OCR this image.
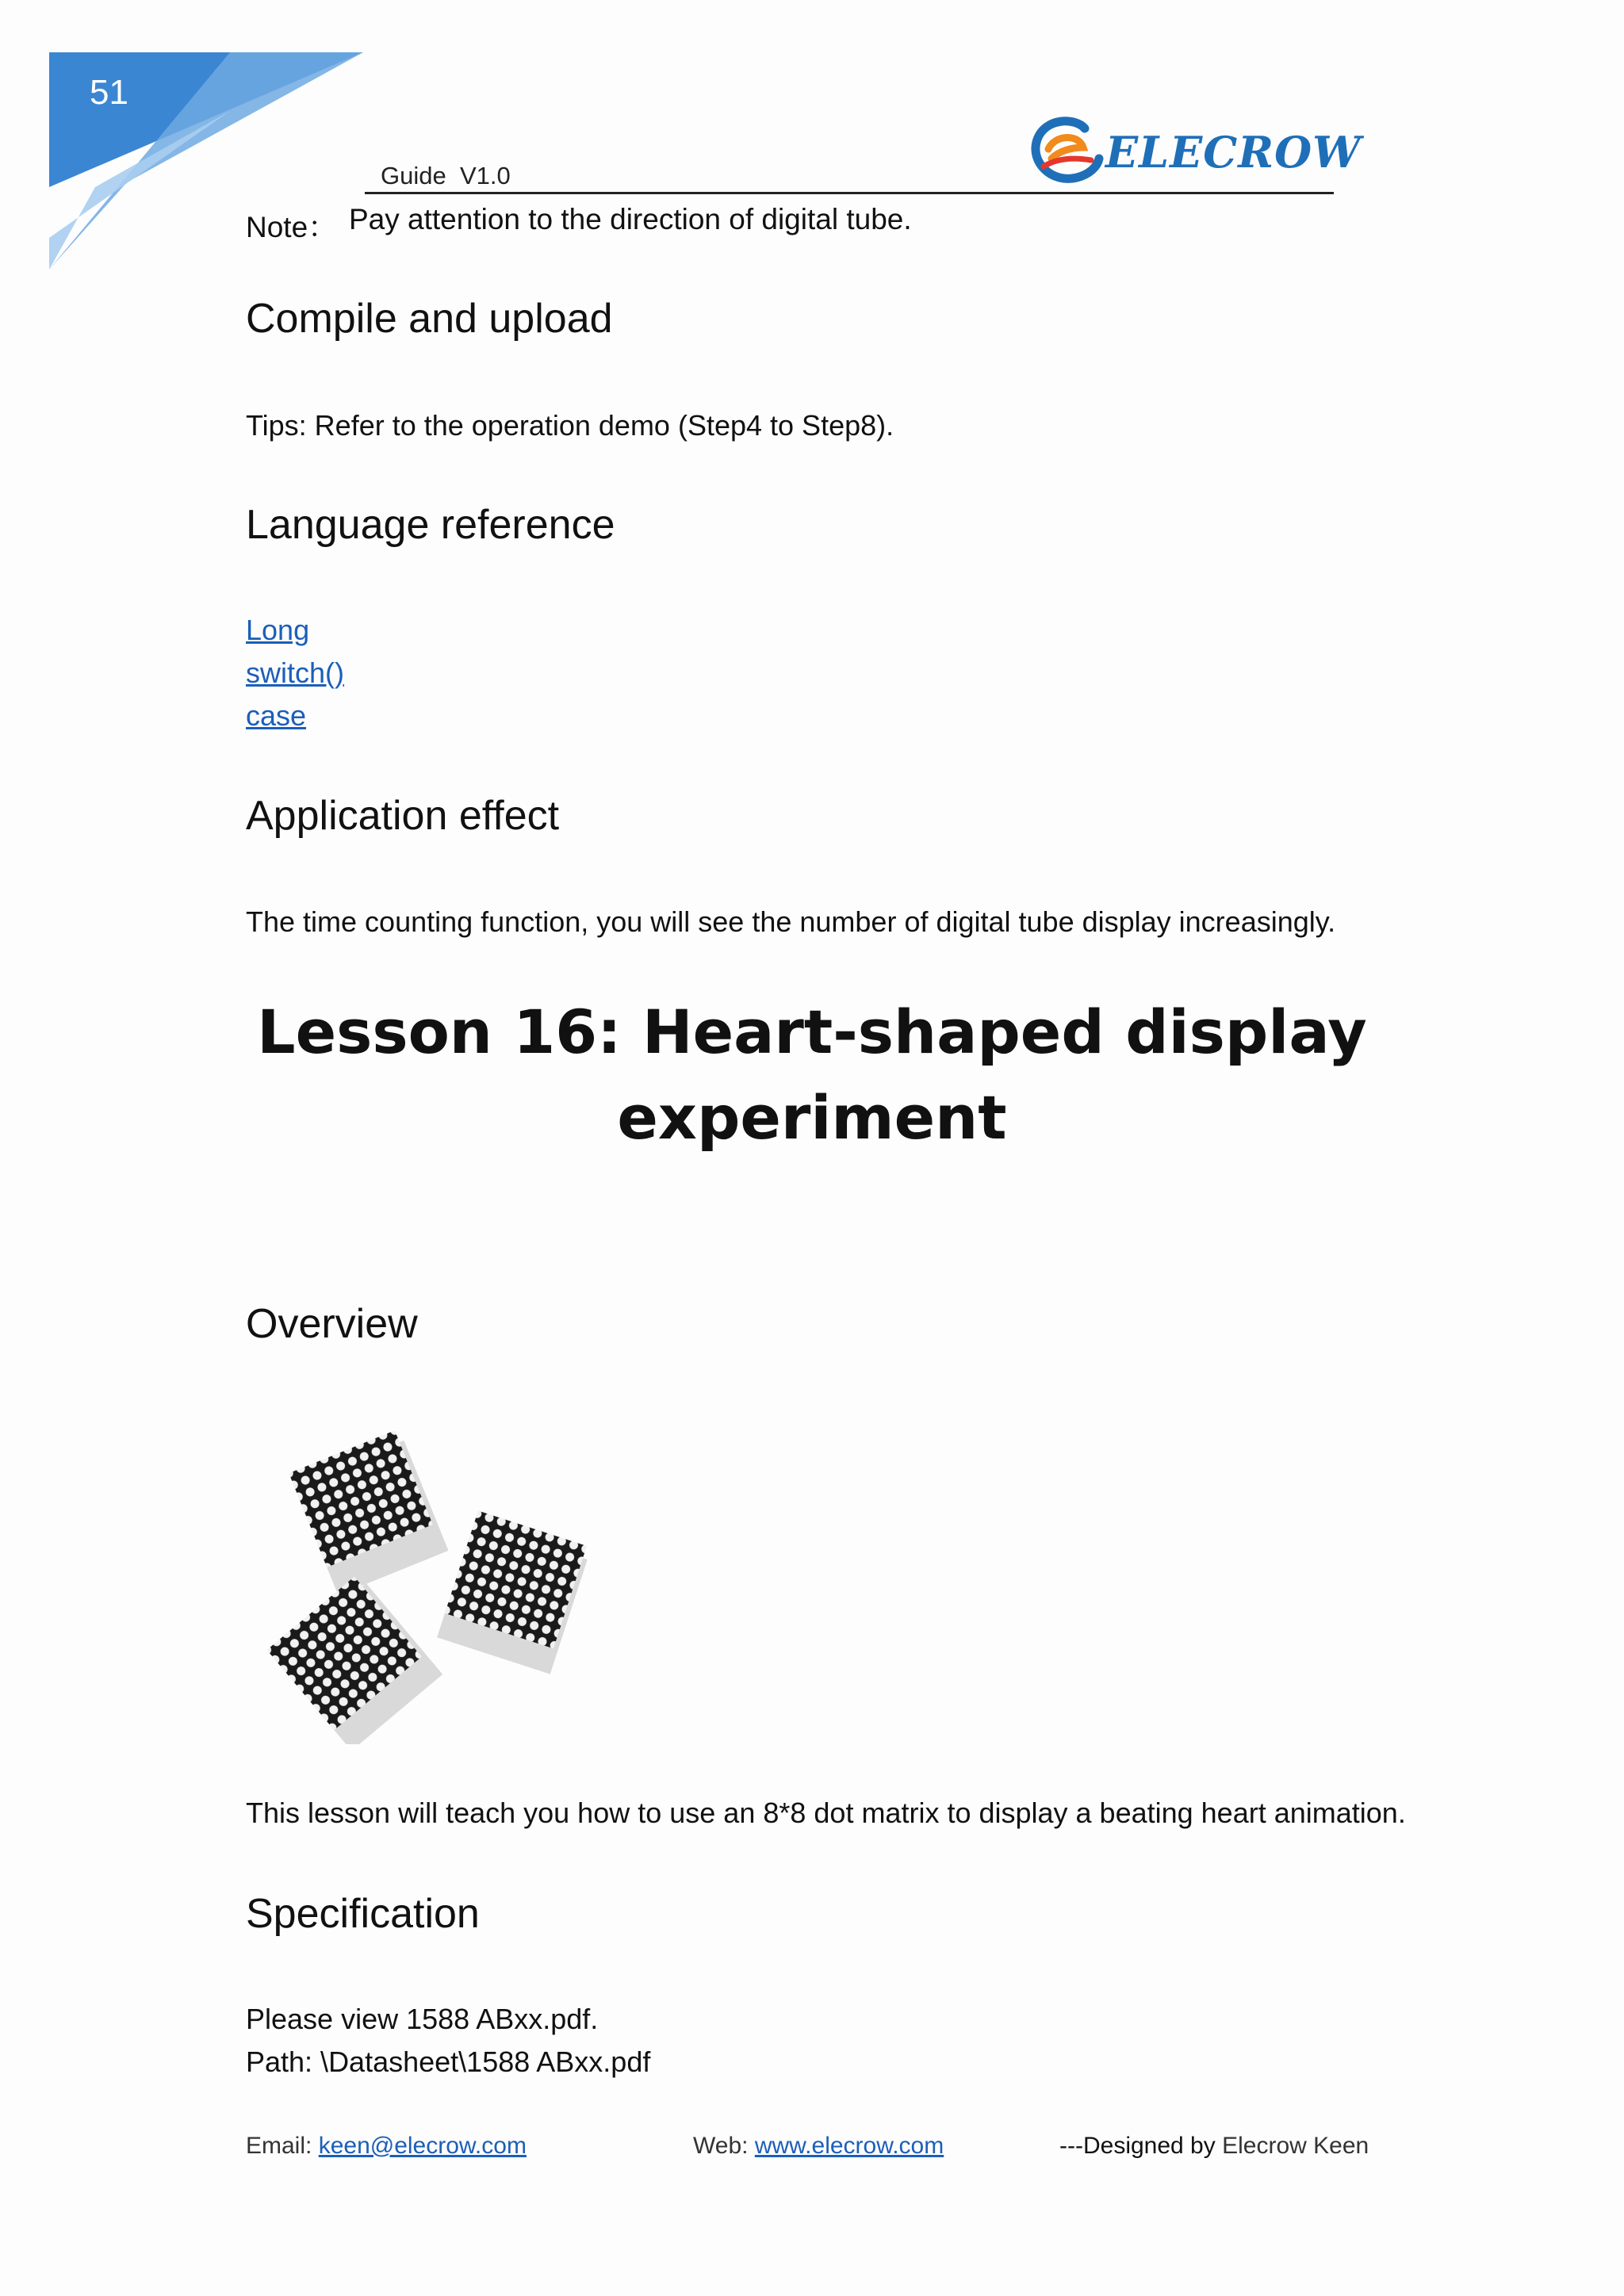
51
Guide  V1.0	ELECROW
Note： Pay attention to the direction of digital tube.
Compile and upload
Tips: Refer to the operation demo (Step4 to Step8).
Language reference
Long
switch()
case
Application effect
The time counting function, you will see the number of digital tube display increasingly.
Lesson 16: Heart-shaped display
experiment
Overview
This lesson will teach you how to use an 8*8 dot matrix to display a beating heart animation.
Specification
Please view 1588 ABxx.pdf.
Path: \Datasheet\1588 ABxx.pdf
Email: keen@elecrow.com	Web: www.elecrow.com	---Designed by Elecrow Keen
